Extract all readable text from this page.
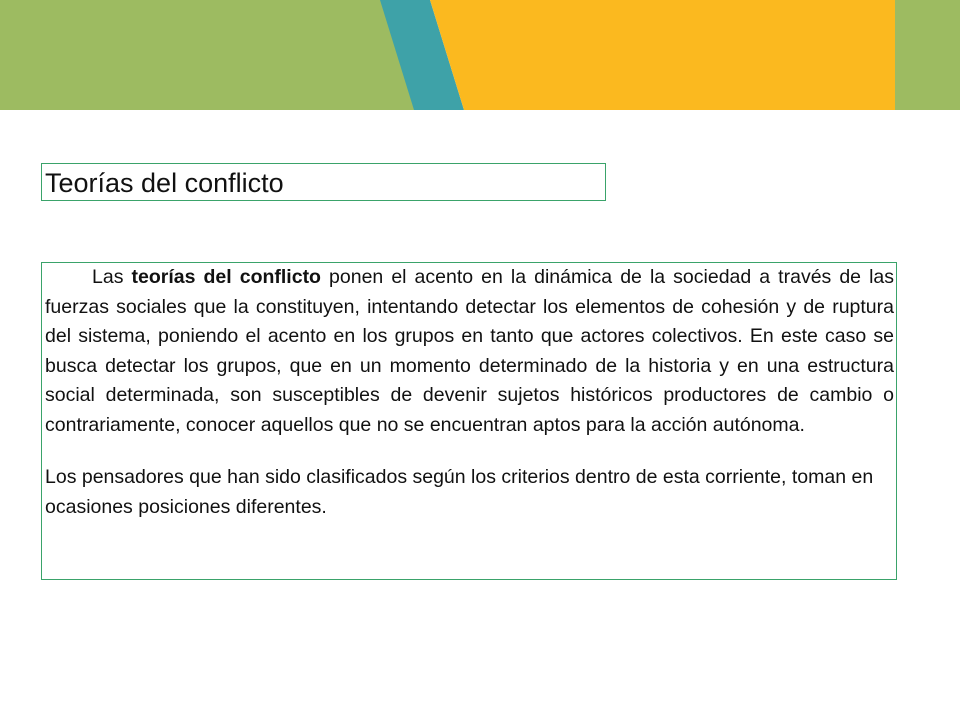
Teorías del conflicto

Las teorías del conflicto ponen el acento en la dinámica de la sociedad a través de las fuerzas sociales que la constituyen, intentando detectar los elementos de cohesión y de ruptura del sistema, poniendo el acento en los grupos en tanto que actores colectivos. En este caso se busca detectar los grupos, que en un momento determinado de la historia y en una estructura social determinada, son susceptibles de devenir sujetos históricos productores de cambio o contrariamente, conocer aquellos que no se encuentran aptos para la acción autónoma.

Los pensadores que han sido clasificados según los criterios dentro de esta corriente, toman en ocasiones posiciones diferentes.
